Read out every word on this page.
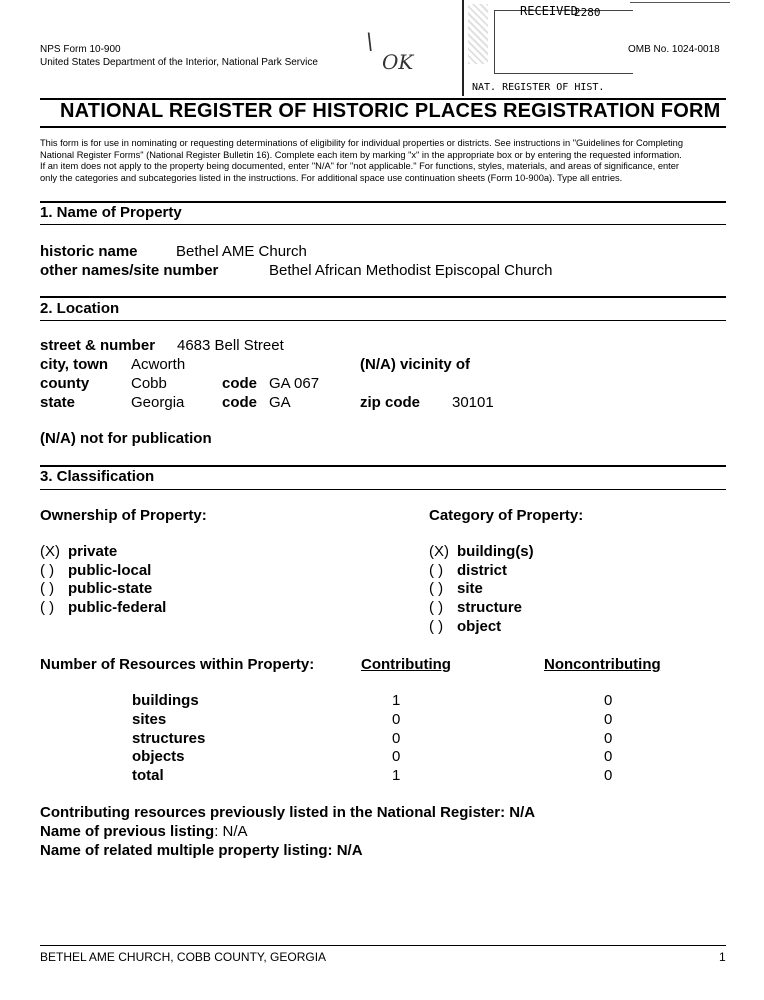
RECEIVED
2280
NAT. REGISTER OF HIST.
\
OK
NPS Form 10-900
United States Department of the Interior, National Park Service
OMB No. 1024-0018
NATIONAL REGISTER OF HISTORIC PLACES REGISTRATION FORM
This form is for use in nominating or requesting determinations of eligibility for individual properties or districts. See instructions in "Guidelines for Completing
National Register Forms" (National Register Bulletin 16). Complete each item by marking "x" in the appropriate box or by entering the requested information.
If an item does not apply to the property being documented, enter "N/A" for "not applicable." For functions, styles, materials, and areas of significance, enter
only the categories and subcategories listed in the instructions. For additional space use continuation sheets (Form 10-900a). Type all entries.
1. Name of Property
historic name	Bethel AME Church
other names/site number	Bethel African Methodist Episcopal Church
2. Location
street & number 4683 Bell Street
city, town Acworth	(N/A) vicinity of
county	Cobb	code GA 067
state	Georgia	code GA	zip code 30101
(N/A) not for publication
3. Classification
Ownership of Property:	Category of Property:
(X) private
( ) public-local
( ) public-state
( ) public-federal
(X) building(s)
( ) district
( ) site
( ) structure
( ) object
Number of Resources within Property:	Contributing	Noncontributing
buildings	1	0
sites	0	0
structures	0	0
objects	0	0
total	1	0
Contributing resources previously listed in the National Register: N/A
Name of previous listing: N/A
Name of related multiple property listing: N/A
BETHEL AME CHURCH, COBB COUNTY, GEORGIA	1
